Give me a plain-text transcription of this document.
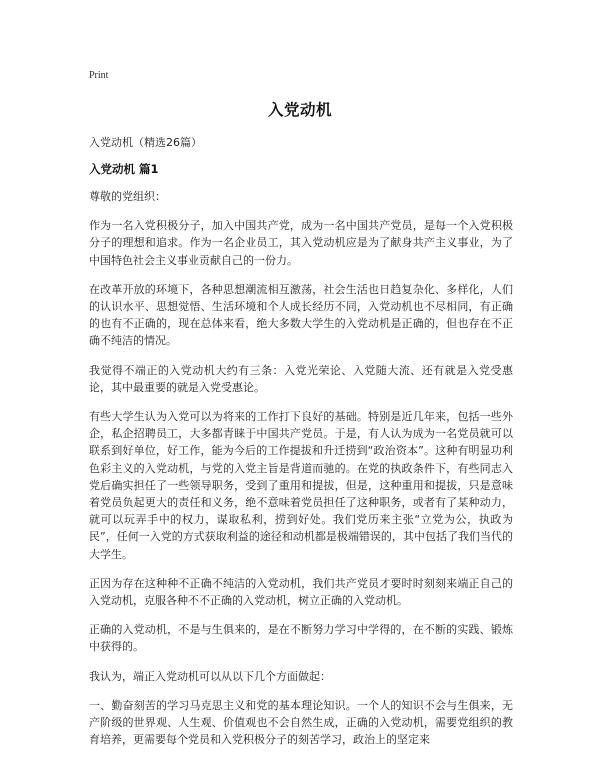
Print
入党动机
入党动机（精选26篇）
入党动机 篇1

尊敬的党组织：

作为一名入党积极分子，加入中国共产党，成为一名中国共产党员，是每一个入党积极分子的理想和追求。作为一名企业员工，其入党动机应是为了献身共产主义事业，为了中国特色社会主义事业贡献自己的一份力。

在改革开放的环境下，各种思想潮流相互激荡，社会生活也日趋复杂化、多样化，人们的认识水平、思想觉悟、生活环境和个人成长经历不同，入党动机也不尽相同，有正确的也有不正确的，现在总体来看，绝大多数大学生的入党动机是正确的，但也存在不正确不纯洁的情况。

我觉得不端正的入党动机大约有三条：入党光荣论、入党随大流、还有就是入党受惠论，其中最重要的就是入党受惠论。

有些大学生认为入党可以为将来的工作打下良好的基础。特别是近几年来，包括一些外企，私企招聘员工，大多都青睐于中国共产党员。于是，有人认为成为一名党员就可以联系到好单位，好工作，能为今后的工作提拔和升迁捞到“政治资本”。这种有明显功利色彩主义的入党动机，与党的入党主旨是背道而驰的。在党的执政条件下，有些同志入党后确实担任了一些领导职务，受到了重用和提拔，但是，这种重用和提拔，只是意味着党员负起更大的责任和义务，绝不意味着党员担任了这种职务，或者有了某种动力，就可以玩弄手中的权力，谋取私利，捞到好处。我们党历来主张“立党为公，执政为民”，任何一入党的方式获取利益的途径和动机都是极端错误的，其中包括了我们当代的大学生。

正因为存在这种种不正确不纯洁的入党动机，我们共产党员才要时时刻刻来端正自己的入党动机，克服各种不不正确的入党动机，树立正确的入党动机。

正确的入党动机，不是与生俱来的，是在不断努力学习中学得的，在不断的实践、锻炼中获得的。

我认为，端正入党动机可以从以下几个方面做起：

一、勤奋刻苦的学习马克思主义和党的基本理论知识。一个人的知识不会与生俱来，无产阶级的世界观、人生观、价值观也不会自然生成，正确的入党动机，需要党组织的教育培养，更需要每个党员和入党积极分子的刻苦学习，政治上的坚定来
